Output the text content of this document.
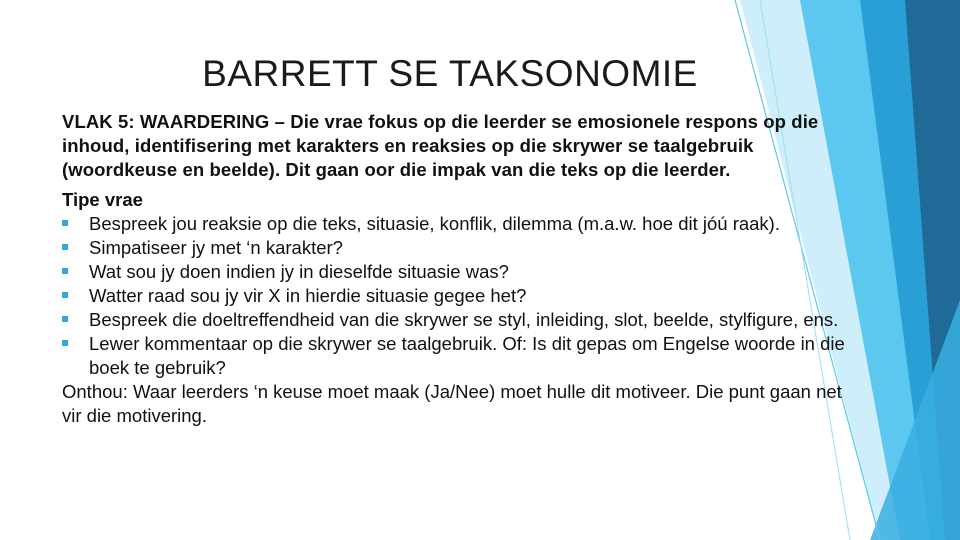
BARRETT SE TAKSONOMIE

VLAK 5: WAARDERING – Die vrae fokus op die leerder se emosionele respons op die inhoud, identifisering met karakters en reaksies op die skrywer se taalgebruik (woordkeuse en beelde). Dit gaan oor die impak van die teks op die leerder.

Tipe vrae

Bespreek jou reaksie op die teks, situasie, konflik, dilemma (m.a.w. hoe dit jóú raak).
Simpatiseer jy met ‘n karakter?
Wat sou jy doen indien jy in dieselfde situasie was?
Watter raad sou jy vir X in hierdie situasie gegee het?
Bespreek die doeltreffendheid van die skrywer se styl, inleiding, slot, beelde, stylfigure, ens.
Lewer kommentaar op die skrywer se taalgebruik. Of: Is dit gepas om Engelse woorde in die boek te gebruik?

Onthou: Waar leerders ‘n keuse moet maak (Ja/Nee) moet hulle dit motiveer. Die punt gaan net vir die motivering.
